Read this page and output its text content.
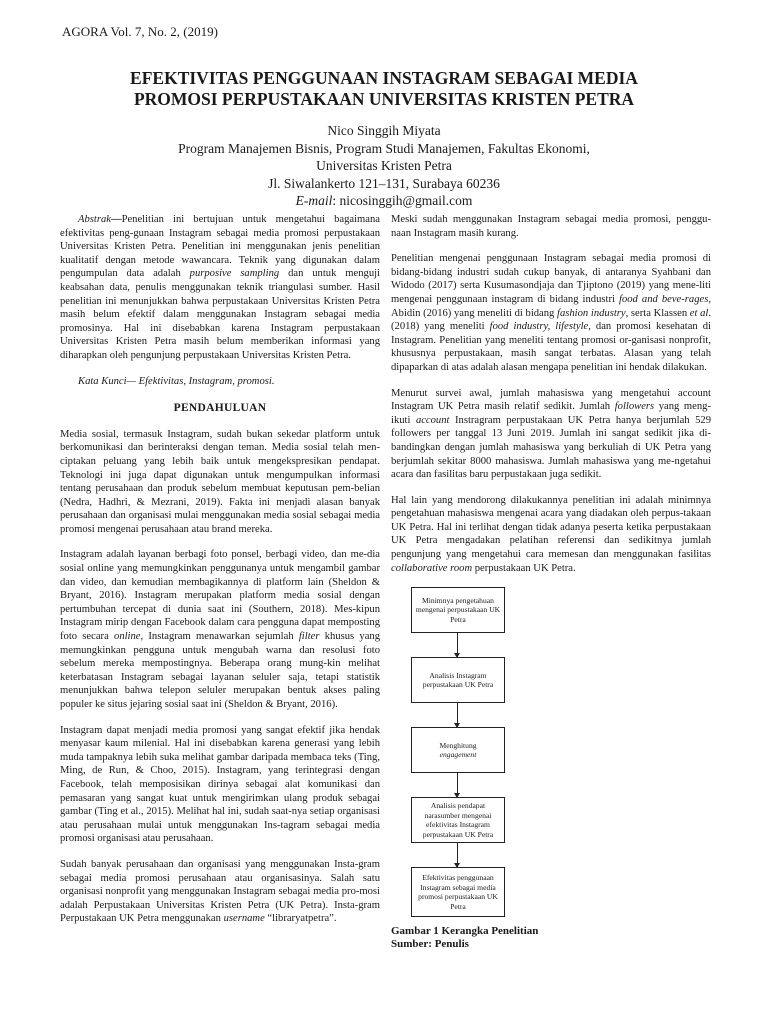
AGORA Vol. 7, No. 2, (2019)
EFEKTIVITAS PENGGUNAAN INSTAGRAM SEBAGAI MEDIA
PROMOSI PERPUSTAKAAN UNIVERSITAS KRISTEN PETRA
Nico Singgih Miyata
Program Manajemen Bisnis, Program Studi Manajemen, Fakultas Ekonomi,
Universitas Kristen Petra
Jl. Siwalankerto 121–131, Surabaya 60236
E-mail: nicosinggih@gmail.com

Abstrak—Penelitian ini bertujuan untuk mengetahui bagaimana efektivitas peng-gunaan Instagram sebagai media promosi perpustakaan Universitas Kristen Petra. Penelitian ini menggunakan jenis penelitian kualitatif dengan metode wawancara. Teknik yang digunakan dalam pengumpulan data adalah purposive sampling dan untuk menguji keabsahan data, penulis menggunakan teknik triangulasi sumber. Hasil penelitian ini menunjukkan bahwa perpustakaan Universitas Kristen Petra masih belum efektif dalam menggunakan Instagram sebagai media promosinya. Hal ini disebabkan karena Instagram perpustakaan Universitas Kristen Petra masih belum memberikan informasi yang diharapkan oleh pengunjung perpustakaan Universitas Kristen Petra.

Kata Kunci— Efektivitas, Instagram, promosi.

PENDAHULUAN

Media sosial, termasuk Instagram, sudah bukan sekedar platform untuk berkomunikasi dan berinteraksi dengan teman. Media sosial telah men-ciptakan peluang yang lebih baik untuk mengekspresikan pendapat. Teknologi ini juga dapat digunakan untuk mengumpulkan informasi tentang perusahaan dan produk sebelum membuat keputusan pem-belian (Nedra, Hadhri, & Mezrani, 2019). Fakta ini menjadi alasan banyak perusahaan dan organisasi mulai menggunakan media sosial sebagai media promosi mengenai perusahaan atau brand mereka.

Instagram adalah layanan berbagi foto ponsel, berbagi video, dan me-dia sosial online yang memungkinkan penggunanya untuk mengambil gambar dan video, dan kemudian membagikannya di platform lain (Sheldon & Bryant, 2016). Instagram merupakan platform media sosial dengan pertumbuhan tercepat di dunia saat ini (Southern, 2018). Mes-kipun Instagram mirip dengan Facebook dalam cara pengguna dapat memposting foto secara online, Instagram menawarkan sejumlah filter khusus yang memungkinkan pengguna untuk mengubah warna dan resolusi foto sebelum mereka mempostingnya. Beberapa orang mung-kin melihat keterbatasan Instagram sebagai layanan seluler saja, tetapi statistik menunjukkan bahwa telepon seluler merupakan bentuk akses paling populer ke situs jejaring sosial saat ini (Sheldon & Bryant, 2016).

Instagram dapat menjadi media promosi yang sangat efektif jika hendak menyasar kaum milenial. Hal ini disebabkan karena generasi yang lebih muda tampaknya lebih suka melihat gambar daripada membaca teks (Ting, Ming, de Run, & Choo, 2015). Instagram, yang terintegrasi dengan Facebook, telah memposisikan dirinya sebagai alat komunikasi dan pemasaran yang sangat kuat untuk mengirimkan ulang produk sebagai gambar (Ting et al., 2015). Melihat hal ini, sudah saat-nya setiap organisasi atau perusahaan mulai untuk menggunakan Ins-tagram sebagai media promosi organisasi atau perusahaan.

Sudah banyak perusahaan dan organisasi yang menggunakan Insta-gram sebagai media promosi perusahaan atau organisasinya. Salah satu organisasi nonprofit yang menggunakan Instagram sebagai media pro-mosi adalah Perpustakaan Universitas Kristen Petra (UK Petra). Insta-gram Perpustakaan UK Petra menggunakan username “libraryatpetra”.

Meski sudah menggunakan Instagram sebagai media promosi, penggu-naan Instagram masih kurang.

Penelitian mengenai penggunaan Instagram sebagai media promosi di bidang-bidang industri sudah cukup banyak, di antaranya Syahbani dan Widodo (2017) serta Kusumasondjaja dan Tjiptono (2019) yang mene-liti mengenai penggunaan instagram di bidang industri food and beve-rages, Abidin (2016) yang meneliti di bidang fashion industry, serta Klassen et al. (2018) yang meneliti food industry, lifestyle, dan promosi kesehatan di Instagram. Penelitian yang meneliti tentang promosi or-ganisasi nonprofit, khususnya perpustakaan, masih sangat terbatas. Alasan yang telah dipaparkan di atas adalah alasan mengapa penelitian ini hendak dilakukan.

Menurut survei awal, jumlah mahasiswa yang mengetahui account Instagram UK Petra masih relatif sedikit. Jumlah followers yang meng-ikuti account Instragram perpustakaan UK Petra hanya berjumlah 529 followers per tanggal 13 Juni 2019. Jumlah ini sangat sedikit jika di-bandingkan dengan jumlah mahasiswa yang berkuliah di UK Petra yang berjumlah sekitar 8000 mahasiswa. Jumlah mahasiswa yang me-ngetahui acara dan fasilitas baru perpustakaan juga sedikit.

Hal lain yang mendorong dilakukannya penelitian ini adalah minimnya pengetahuan mahasiswa mengenai acara yang diadakan oleh perpus-takaan UK Petra. Hal ini terlihat dengan tidak adanya peserta ketika perpustakaan UK Petra mengadakan pelatihan referensi dan sedikitnya jumlah pengunjung yang mengetahui cara memesan dan menggunakan fasilitas collaborative room perpustakaan UK Petra.

Minimnya pengetahuan mengenai perpustakaan UK Petra
Analisis Instagram perpustakaan UK Petra
Menghitung
engagement
Analisis pendapat narasumber mengenai efektivitas Instagram perpustakaan UK Petra
Efektivitas penggunaan Instagram sebagai media promosi perpustakaan UK Petra
Gambar 1 Kerangka Penelitian
Sumber: Penulis
